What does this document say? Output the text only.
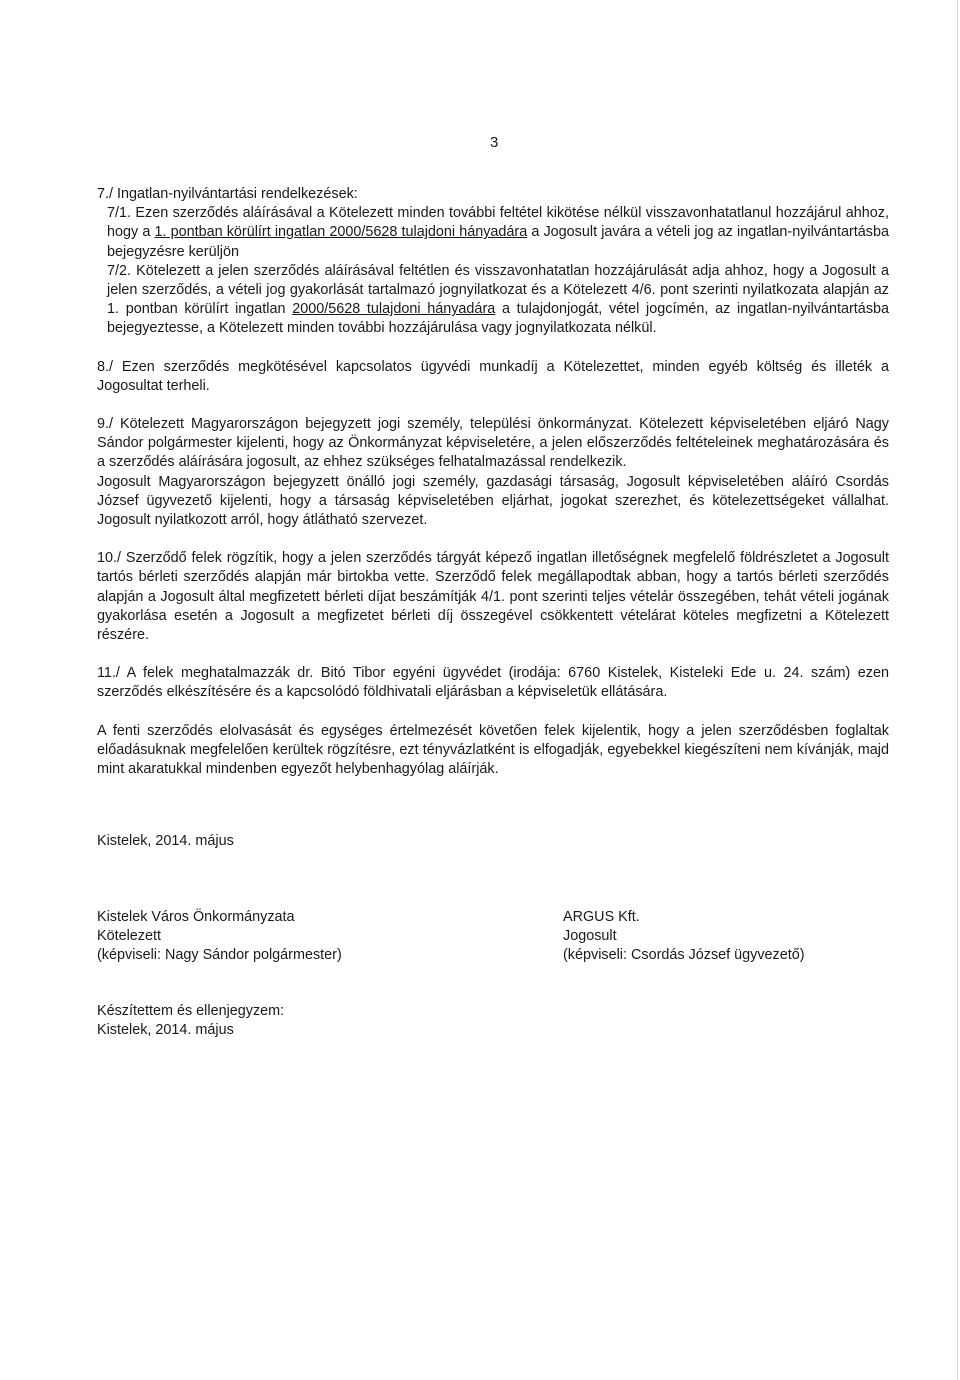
3

7./ Ingatlan-nyilvántartási rendelkezések:

7/1. Ezen szerződés aláírásával a Kötelezett minden további feltétel kikötése nélkül visszavonhatatlanul hozzájárul ahhoz, hogy a 1. pontban körülírt ingatlan 2000/5628 tulajdoni hányadára a Jogosult javára a vételi jog az ingatlan-nyilvántartásba bejegyzésre kerüljön

7/2. Kötelezett a jelen szerződés aláírásával feltétlen és visszavonhatatlan hozzájárulását adja ahhoz, hogy a Jogosult a jelen szerződés, a vételi jog gyakorlását tartalmazó jognyilatkozat és a Kötelezett 4/6. pont szerinti nyilatkozata alapján az 1. pontban körülírt ingatlan 2000/5628 tulajdoni hányadára a tulajdonjogát, vétel jogcímén, az ingatlan-nyilvántartásba bejegyeztesse, a Kötelezett minden további hozzájárulása vagy jognyilatkozata nélkül.

8./ Ezen szerződés megkötésével kapcsolatos ügyvédi munkadíj a Kötelezettet, minden egyéb költség és illeték a Jogosultat terheli.

9./ Kötelezett Magyarországon bejegyzett jogi személy, települési önkormányzat. Kötelezett képviseletében eljáró Nagy Sándor polgármester kijelenti, hogy az Önkormányzat képviseletére, a jelen előszerződés feltételeinek meghatározására és a szerződés aláírására jogosult, az ehhez szükséges felhatalmazással rendelkezik.

Jogosult Magyarországon bejegyzett önálló jogi személy, gazdasági társaság, Jogosult képviseletében aláíró Csordás József ügyvezető kijelenti, hogy a társaság képviseletében eljárhat, jogokat szerezhet, és kötelezettségeket vállalhat. Jogosult nyilatkozott arról, hogy átlátható szervezet.

10./ Szerződő felek rögzítik, hogy a jelen szerződés tárgyát képező ingatlan illetőségnek megfelelő földrészletet a Jogosult tartós bérleti szerződés alapján már birtokba vette. Szerződő felek megállapodtak abban, hogy a tartós bérleti szerződés alapján a Jogosult által megfizetett bérleti díjat beszámítják 4/1. pont szerinti teljes vételár összegében, tehát vételi jogának gyakorlása esetén a Jogosult a megfizetet bérleti díj összegével csökkentett vételárat köteles megfizetni a Kötelezett részére.

11./ A felek meghatalmazzák dr. Bitó Tibor egyéni ügyvédet (irodája: 6760 Kistelek, Kisteleki Ede u. 24. szám) ezen szerződés elkészítésére és a kapcsolódó földhivatali eljárásban a képviseletük ellátására.

A fenti szerződés elolvasását és egységes értelmezését követően felek kijelentik, hogy a jelen szerződésben foglaltak előadásuknak megfelelően kerültek rögzítésre, ezt tényvázlatként is elfogadják, egyebekkel kiegészíteni nem kívánják, majd mint akaratukkal mindenben egyezőt helybenhagyólag aláírják.

Kistelek, 2014. május

Kistelek Város Önkormányzata

Kötelezett

(képviseli: Nagy Sándor polgármester)

ARGUS Kft.

Jogosult

(képviseli: Csordás József ügyvezető)

Készítettem és ellenjegyzem:

Kistelek, 2014. május
